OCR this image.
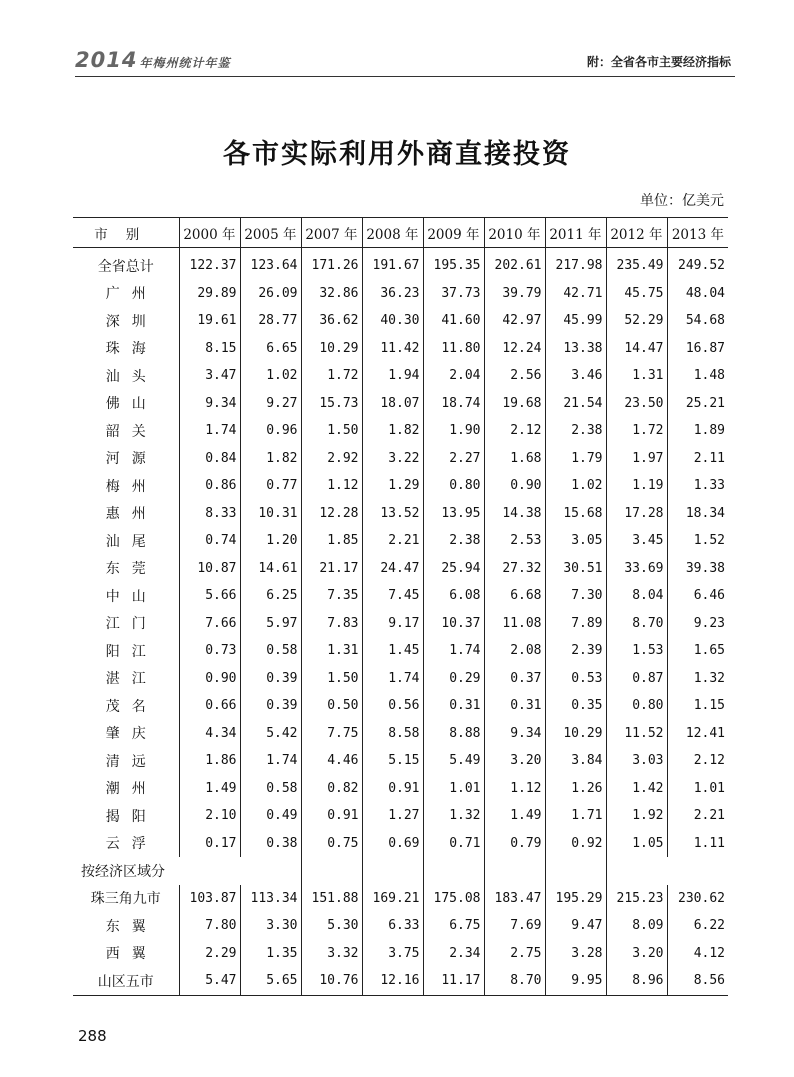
2014 年梅州统计年鉴	附：全省各市主要经济指标
各市实际利用外商直接投资
单位：亿美元
市别	2000 年	2005 年	2007 年	2008 年	2009 年	2010 年	2011 年	2012 年	2013 年
全省总计	122.37	123.64	171.26	191.67	195.35	202.61	217.98	235.49	249.52
广州	29.89	26.09	32.86	36.23	37.73	39.79	42.71	45.75	48.04
深圳	19.61	28.77	36.62	40.30	41.60	42.97	45.99	52.29	54.68
珠海	8.15	6.65	10.29	11.42	11.80	12.24	13.38	14.47	16.87
汕头	3.47	1.02	1.72	1.94	2.04	2.56	3.46	1.31	1.48
佛山	9.34	9.27	15.73	18.07	18.74	19.68	21.54	23.50	25.21
韶关	1.74	0.96	1.50	1.82	1.90	2.12	2.38	1.72	1.89
河源	0.84	1.82	2.92	3.22	2.27	1.68	1.79	1.97	2.11
梅州	0.86	0.77	1.12	1.29	0.80	0.90	1.02	1.19	1.33
惠州	8.33	10.31	12.28	13.52	13.95	14.38	15.68	17.28	18.34
汕尾	0.74	1.20	1.85	2.21	2.38	2.53	3.05	3.45	1.52
东莞	10.87	14.61	21.17	24.47	25.94	27.32	30.51	33.69	39.38
中山	5.66	6.25	7.35	7.45	6.08	6.68	7.30	8.04	6.46
江门	7.66	5.97	7.83	9.17	10.37	11.08	7.89	8.70	9.23
阳江	0.73	0.58	1.31	1.45	1.74	2.08	2.39	1.53	1.65
湛江	0.90	0.39	1.50	1.74	0.29	0.37	0.53	0.87	1.32
茂名	0.66	0.39	0.50	0.56	0.31	0.31	0.35	0.80	1.15
肇庆	4.34	5.42	7.75	8.58	8.88	9.34	10.29	11.52	12.41
清远	1.86	1.74	4.46	5.15	5.49	3.20	3.84	3.03	2.12
潮州	1.49	0.58	0.82	0.91	1.01	1.12	1.26	1.42	1.01
揭阳	2.10	0.49	0.91	1.27	1.32	1.49	1.71	1.92	2.21
云浮	0.17	0.38	0.75	0.69	0.71	0.79	0.92	1.05	1.11
按经济区域分									
珠三角九市	103.87	113.34	151.88	169.21	175.08	183.47	195.29	215.23	230.62
东翼	7.80	3.30	5.30	6.33	6.75	7.69	9.47	8.09	6.22
西翼	2.29	1.35	3.32	3.75	2.34	2.75	3.28	3.20	4.12
山区五市	5.47	5.65	10.76	12.16	11.17	8.70	9.95	8.96	8.56
288
